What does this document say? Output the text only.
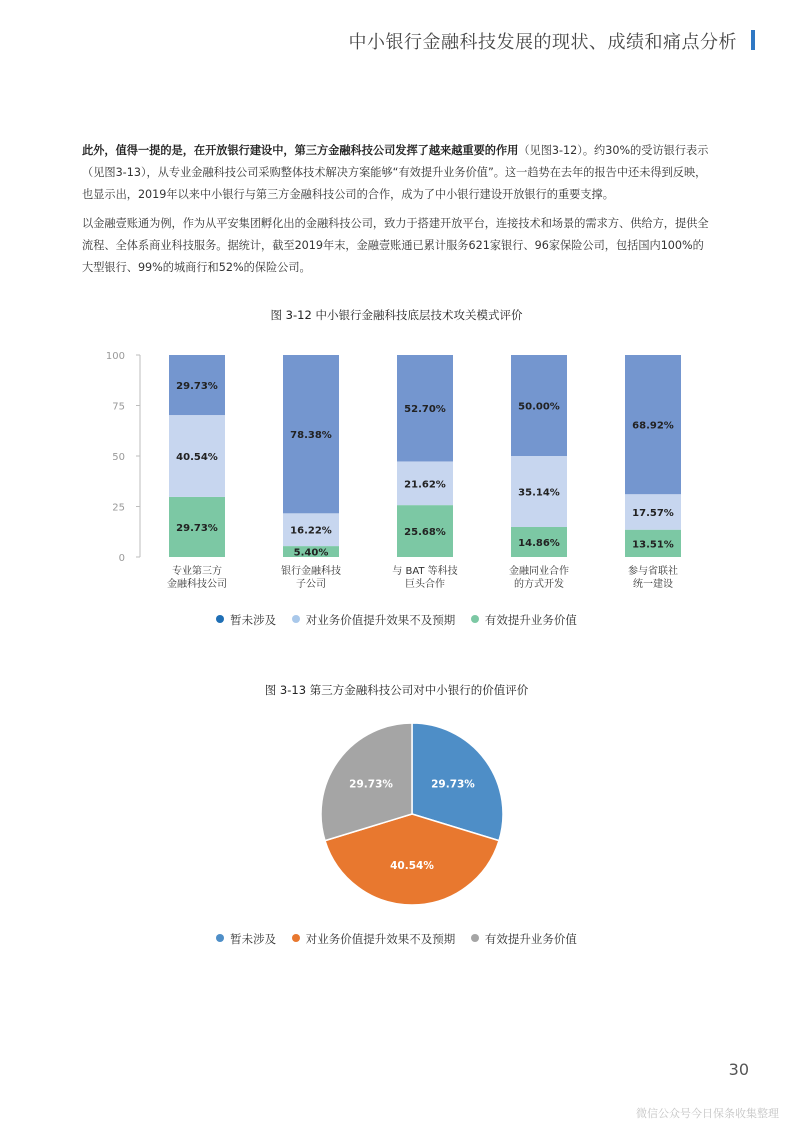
中小银行金融科技发展的现状、成绩和痛点分析
此外，值得一提的是，在开放银行建设中，第三方金融科技公司发挥了越来越重要的作用（见图3-12）。约30%的受访银行表示（见图3-13），从专业金融科技公司采购整体技术解决方案能够“有效提升业务价值”。这一趋势在去年的报告中还未得到反映，也显示出，2019年以来中小银行与第三方金融科技公司的合作，成为了中小银行建设开放银行的重要支撑。
以金融壹账通为例，作为从平安集团孵化出的金融科技公司，致力于搭建开放平台，连接技术和场景的需求方、供给方，提供全流程、全体系商业科技服务。据统计，截至2019年末，金融壹账通已累计服务621家银行、96家保险公司，包括国内100%的大型银行、99%的城商行和52%的保险公司。
图 3-12 中小银行金融科技底层技术攻关模式评价
0
25
50
75
100
29.73%
40.54%
29.73%
专业第三方
金融科技公司
5.40%
16.22%
78.38%
银行金融科技
子公司
25.68%
21.62%
52.70%
与 BAT 等科技
巨头合作
14.86%
35.14%
50.00%
金融同业合作
的方式开发
13.51%
17.57%
68.92%
参与省联社
统一建设
暂未涉及	对业务价值提升效果不及预期	有效提升业务价值
图 3-13 第三方金融科技公司对中小银行的价值评价
29.73%
40.54%
29.73%
暂未涉及	对业务价值提升效果不及预期	有效提升业务价值
30
微信公众号今日保条收集整理
